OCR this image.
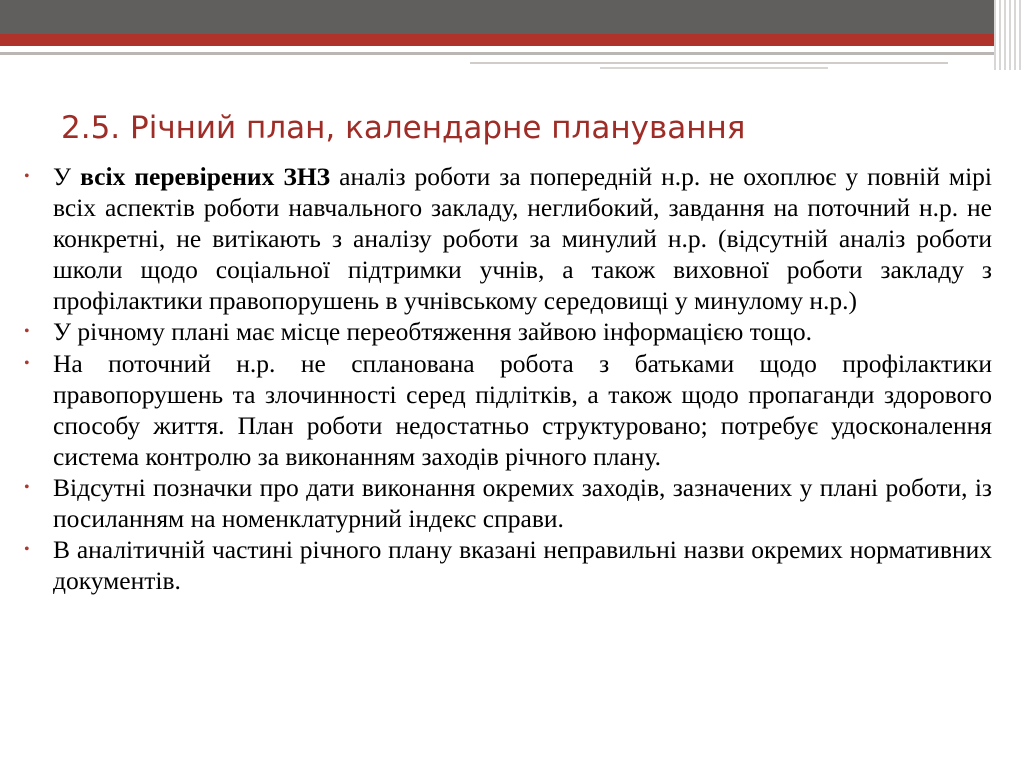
2.5. Річний план, календарне планування
• У всіх перевірених ЗНЗ аналіз роботи за попередній н.р. не охоплює у повній мірі всіх аспектів роботи навчального закладу, неглибокий, завдання на поточний н.р. не конкретні, не витікають з аналізу роботи за минулий н.р. (відсутній аналіз роботи школи щодо соціальної підтримки учнів, а також виховної роботи закладу з профілактики правопорушень в учнівському середовищі у минулому н.р.)
• У річному плані має місце переобтяження зайвою інформацією тощо.
• На поточний н.р. не спланована робота з батьками щодо профілактики правопорушень та злочинності серед підлітків, а також щодо пропаганди здорового способу життя. План роботи недостатньо структуровано; потребує удосконалення система контролю за виконанням заходів річного плану.
• Відсутні позначки про дати виконання окремих заходів, зазначених у плані роботи, із посиланням на номенклатурний індекс справи.
• В аналітичній частині річного плану вказані неправильні назви окремих нормативних документів.
